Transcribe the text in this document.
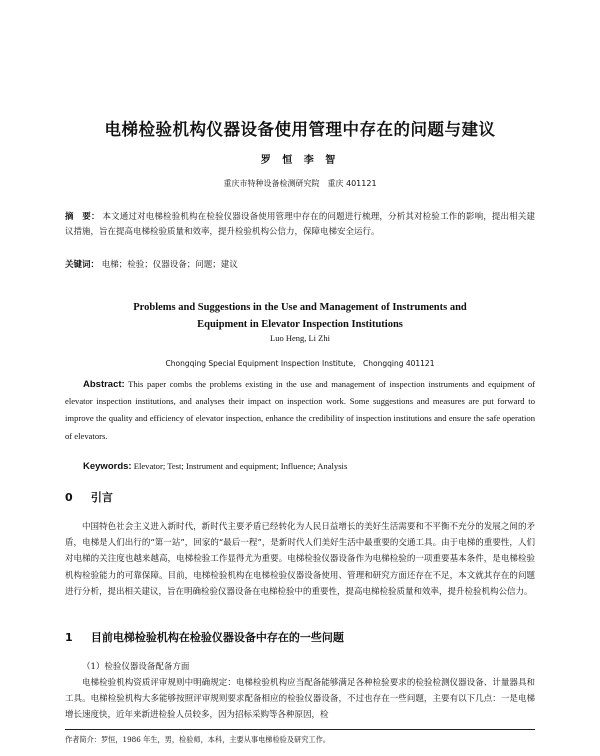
电梯检验机构仪器设备使用管理中存在的问题与建议
罗 恒 李 智
重庆市特种设备检测研究院　重庆 401121
摘　要： 本文通过对电梯检验机构在检验仪器设备使用管理中存在的问题进行梳理，分析其对检验工作的影响，提出相关建议措施，旨在提高电梯检验质量和效率，提升检验机构公信力，保障电梯安全运行。
关键词： 电梯；检验；仪器设备；问题；建议
Problems and Suggestions in the Use and Management of Instruments and
Equipment in Elevator Inspection Institutions
Luo Heng, Li Zhi
Chongqing Special Equipment Inspection Institute,　Chongqing 401121
Abstract: This paper combs the problems existing in the use and management of inspection instruments and equipment of elevator inspection institutions, and analyses their impact on inspection work. Some suggestions and measures are put forward to improve the quality and efficiency of elevator inspection, enhance the credibility of inspection institutions and ensure the safe operation of elevators.
Keywords: Elevator; Test; Instrument and equipment; Influence; Analysis
0 引言
中国特色社会主义进入新时代，新时代主要矛盾已经转化为人民日益增长的美好生活需要和不平衡不充分的发展之间的矛盾，电梯是人们出行的“第一站”，回家的“最后一程”，是新时代人们美好生活中最重要的交通工具。由于电梯的重要性，人们对电梯的关注度也越来越高，电梯检验工作显得尤为重要。电梯检验仪器设备作为电梯检验的一项重要基本条件，是电梯检验机构检验能力的可靠保障。目前，电梯检验机构在电梯检验仪器设备使用、管理和研究方面还存在不足，本文就其存在的问题进行分析，提出相关建议，旨在明确检验仪器设备在电梯检验中的重要性，提高电梯检验质量和效率，提升检验机构公信力。
1 目前电梯检验机构在检验仪器设备中存在的一些问题
（1）检验仪器设备配备方面
电梯检验机构资质评审规则中明确规定：电梯检验机构应当配备能够满足各种检验要求的检验检测仪器设备、计量器具和工具。电梯检验机构大多能够按照评审规则要求配备相应的检验仪器设备，不过也存在一些问题，主要有以下几点：一是电梯增长速度快，近年来新进检验人员较多，因为招标采购等各种原因，检
作者简介：罗恒，1986 年生，男，检验师，本科，主要从事电梯检验及研究工作。
